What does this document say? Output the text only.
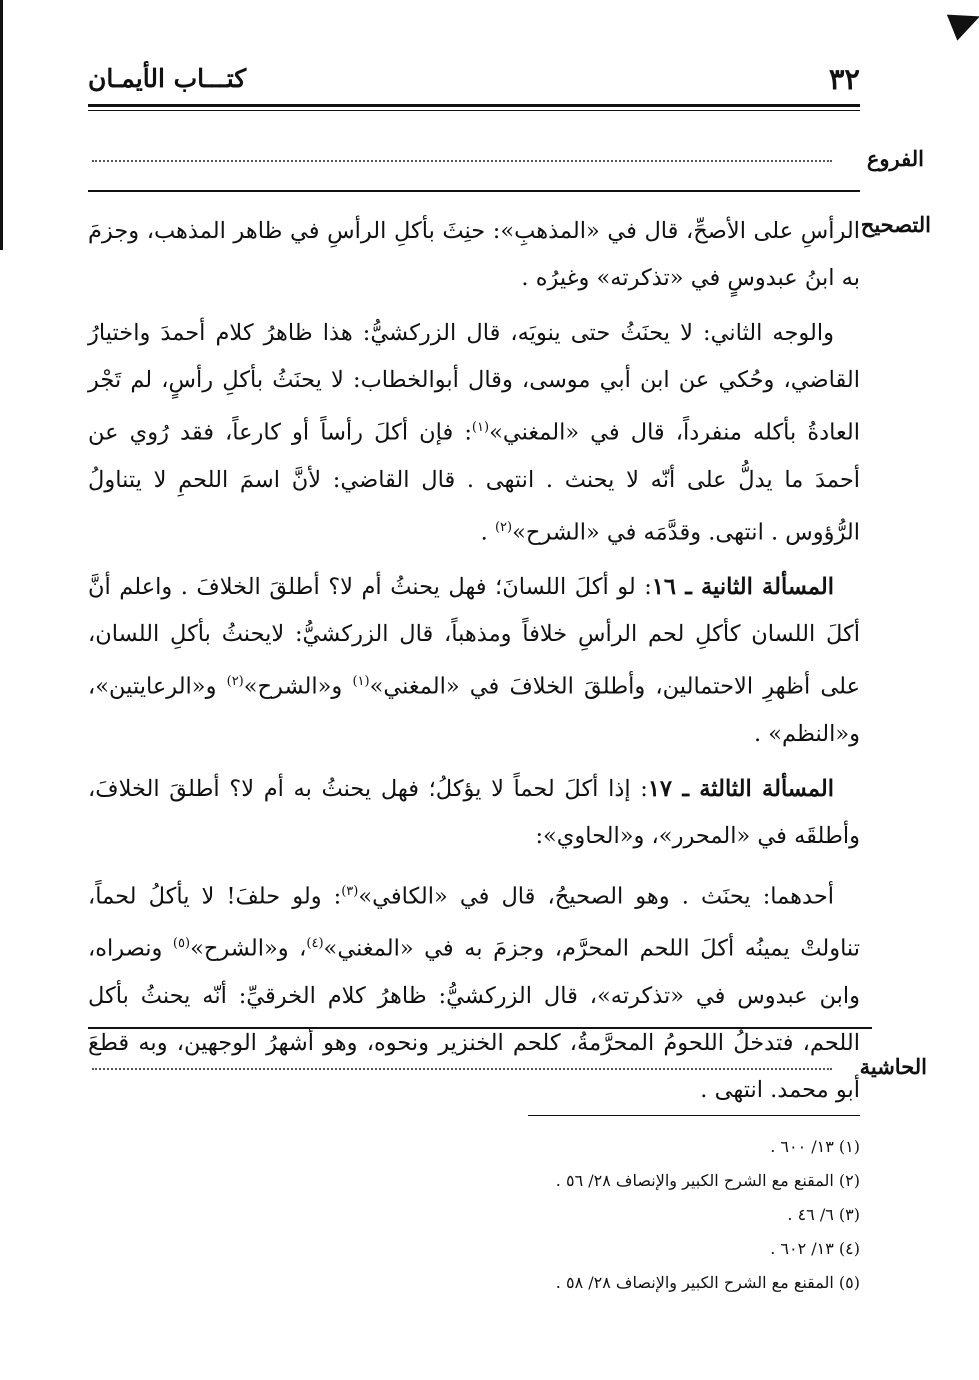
٣٢
كتـــاب الأيمـان
الفروع
التصحيح

الرأسِ على الأصحِّ، قال في «المذهبِ»: حنِثَ بأكلِ الرأسِ في ظاهر المذهب، وجزمَ به ابنُ عبدوسٍ في «تذكرته» وغيرُه .

والوجه الثاني: لا يحنَثُ حتى ينويَه، قال الزركشيُّ: هذا ظاهرُ كلام أحمدَ واختيارُ القاضي، وحُكي عن ابن أبي موسى، وقال أبوالخطاب: لا يحنَثُ بأكلِ رأسٍ، لم تَجْر العادةُ بأكله منفرداً، قال في «المغني»$^{(١)}$: فإن أكلَ رأساً أو كارعاً، فقد رُوي عن أحمدَ ما يدلُّ على أنّه لا يحنث . انتهى . قال القاضي: لأنَّ اسمَ اللحمِ لا يتناولُ الرُّؤوس . انتهى. وقدَّمَه في «الشرح»$^{(٢)}$ .

المسألة الثانية ـ ١٦: لو أكلَ اللسانَ؛ فهل يحنثُ أم لا؟ أطلقَ الخلافَ . واعلم أنَّ أكلَ اللسان كأكلِ لحم الرأسِ خلافاً ومذهباً، قال الزركشيُّ: لايحنثُ بأكلِ اللسان، على أظهرِ الاحتمالين، وأطلقَ الخلافَ في «المغني»$^{(١)}$ و«الشرح»$^{(٢)}$ و«الرعايتين»، و«النظم» .

المسألة الثالثة ـ ١٧: إذا أكلَ لحماً لا يؤكلُ؛ فهل يحنثُ به أم لا؟ أطلقَ الخلافَ، وأطلقَه في «المحرر»، و«الحاوي»:

أحدهما: يحنَث . وهو الصحيحُ، قال في «الكافي»$^{(٣)}$: ولو حلفَ! لا يأكلُ لحماً، تناولتْ يمينُه أكلَ اللحم المحرَّم، وجزمَ به في «المغني»$^{(٤)}$، و«الشرح»$^{(٥)}$ ونصراه، وابن عبدوس في «تذكرته»، قال الزركشيُّ: ظاهرُ كلام الخرقيِّ: أنّه يحنثُ بأكل اللحم، فتدخلُ اللحومُ المحرَّمةُ، كلحم الخنزير ونحوه، وهو أشهرُ الوجهين، وبه قطعَ أبو محمد. انتهى .

الحاشية

(١) ١٣/ ٦٠٠ .

(٢) المقنع مع الشرح الكبير والإنصاف ٢٨/ ٥٦ .

(٣) ٦/ ٤٦ .

(٤) ١٣/ ٦٠٢ .

(٥) المقنع مع الشرح الكبير والإنصاف ٢٨/ ٥٨ .
